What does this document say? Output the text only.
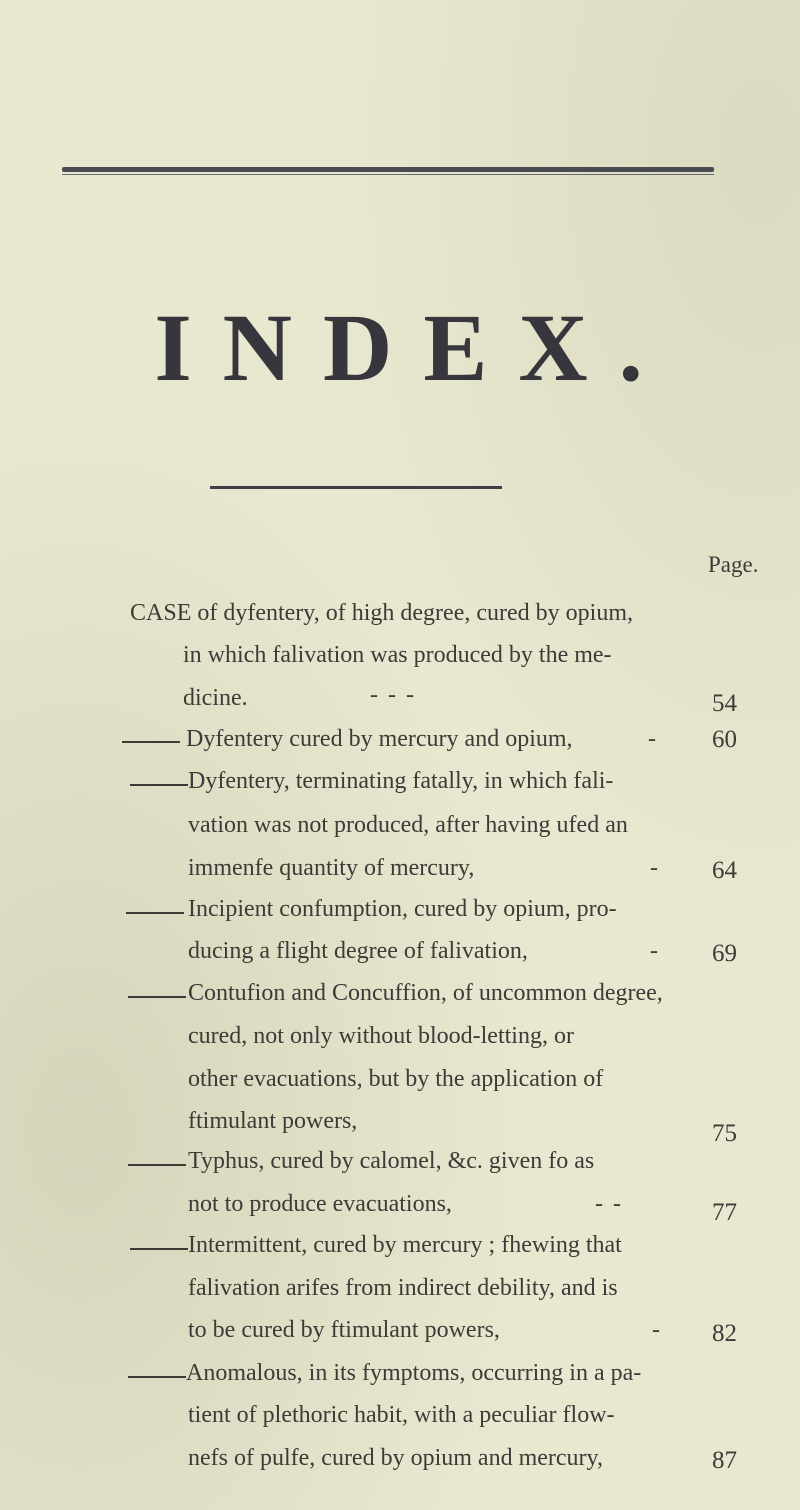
INDEX.
Page.
CASE of dyfentery, of high degree, cured by opium,
in which falivation was produced by the me-
dicine.	- - -	54
Dyfentery cured by mercury and opium,	- 60
Dyfentery, terminating fatally, in which fali-
vation was not produced, after having ufed an
immenfe quantity of mercury,	- 64
Incipient confumption, cured by opium, pro-
ducing a flight degree of falivation,	- 69
Contufion and Concuffion, of uncommon degree,
cured, not only without blood-letting, or
other evacuations, but by the application of
ftimulant powers,	75
Typhus, cured by calomel, &c. given fo as
not to produce evacuations,	- -	77
Intermittent, cured by mercury ; fhewing that
falivation arifes from indirect debility, and is
to be cured by ftimulant powers,	- 82
Anomalous, in its fymptoms, occurring in a pa-
tient of plethoric habit, with a peculiar flow-
nefs of pulfe, cured by opium and mercury,	87
